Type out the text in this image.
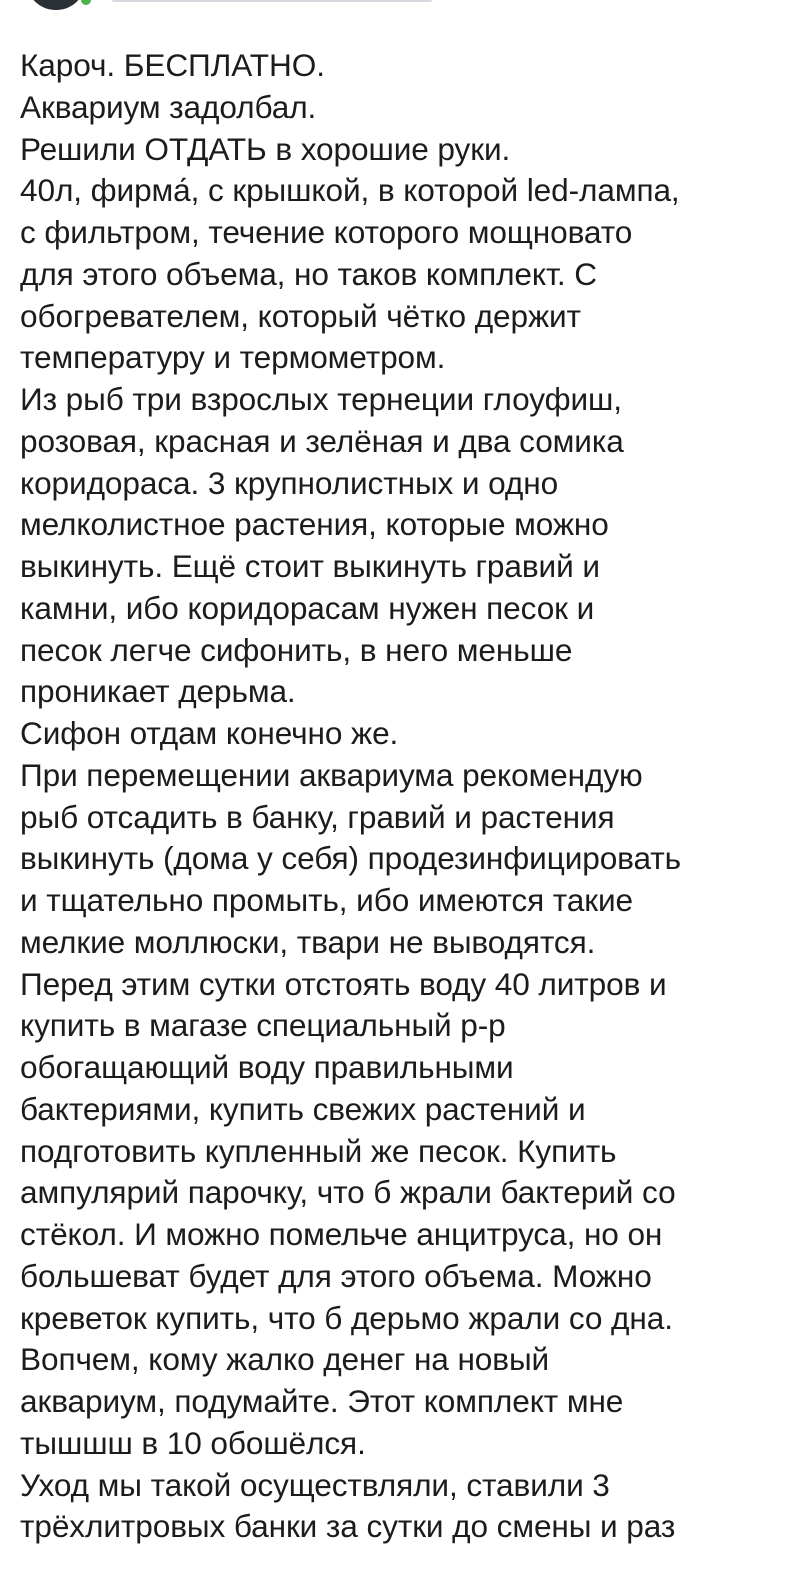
Кароч. БЕСПЛАТНО.
Аквариум задолбал.
Решили ОТДАТЬ в хорошие руки.
40л, фирма́, с крышкой, в которой led-лампа,
с фильтром, течение которого мощновато
для этого объема, но таков комплект. С
обогревателем, который чётко держит
температуру и термометром.
Из рыб три взрослых тернеции глоуфиш,
розовая, красная и зелёная и два сомика
коридораса. 3 крупнолистных и одно
мелколистное растения, которые можно
выкинуть. Ещё стоит выкинуть гравий и
камни, ибо коридорасам нужен песок и
песок легче сифонить, в него меньше
проникает дерьма.
Сифон отдам конечно же.
При перемещении аквариума рекомендую
рыб отсадить в банку, гравий и растения
выкинуть (дома у себя) продезинфицировать
и тщательно промыть, ибо имеются такие
мелкие моллюски, твари не выводятся.
Перед этим сутки отстоять воду 40 литров и
купить в магазе специальный р-р
обогащающий воду правильными
бактериями, купить свежих растений и
подготовить купленный же песок. Купить
ампулярий парочку, что б жрали бактерий со
стёкол. И можно помельче анцитруса, но он
большеват будет для этого объема. Можно
креветок купить, что б дерьмо жрали со дна.
Вопчем, кому жалко денег на новый
аквариум, подумайте. Этот комплект мне
тышшш в 10 обошёлся.
Уход мы такой осуществляли, ставили 3
трёхлитровых банки за сутки до смены и раз
